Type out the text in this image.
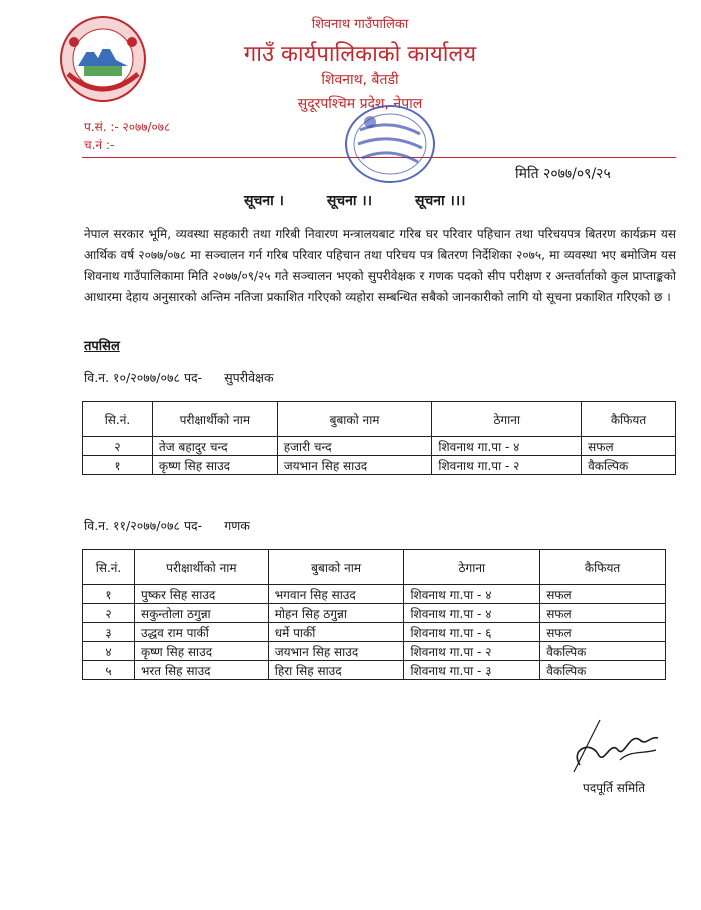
शिवनाथ गाउँपालिका
गाउँ कार्यपालिकाको कार्यालय
शिवनाथ, बैतडी
सुदूरपश्चिम प्रदेश, नेपाल
प.सं. :- २०७७/०७८
च.नं :-
मिति २०७७/०९/२५
सूचना ।	सूचना ।।	सूचना ।।।
नेपाल सरकार भूमि, व्यवस्था सहकारी तथा गरिबी निवारण मन्त्रालयबाट गरिब घर परिवार पहिचान तथा परिचयपत्र बितरण कार्यक्रम यस आर्थिक वर्ष २०७७/०७८ मा सञ्चालन गर्न गरिब परिवार पहिचान तथा परिचय पत्र बितरण निर्देशिका २०७५, मा व्यवस्था भए बमोजिम यस शिवनाथ गाउँपालिकामा मिति २०७७/०९/२५ गते सञ्चालन भएको सुपरीवेक्षक र गणक पदको सीप परीक्षण र अन्तर्वार्ताको कुल प्राप्ताङ्कको आधारमा देहाय अनुसारको अन्तिम नतिजा प्रकाशित गरिएको व्यहोरा सम्बन्धित सबैको जानकारीको लागि यो सूचना प्रकाशित गरिएको छ ।
तपसिल
वि.न. १०/२०७७/०७८ पद- सुपरीवेक्षक
सि.नं.	परीक्षार्थीको नाम	बुबाको नाम	ठेगाना	कैफियत
२	तेज बहादुर चन्द	हजारी चन्द	शिवनाथ गा.पा - ४	सफल
१	कृष्ण सिह साउद	जयभान सिह साउद	शिवनाथ गा.पा - २	वैकल्पिक
वि.न. ११/२०७७/०७८ पद- गणक
सि.नं.	परीक्षार्थीको नाम	बुबाको नाम	ठेगाना	कैफियत
१	पुष्कर सिह साउद	भगवान सिह साउद	शिवनाथ गा.पा - ४	सफल
२	सकुन्तोला ठगुन्ना	मोहन सिह ठगुन्ना	शिवनाथ गा.पा - ४	सफल
३	उद्धव राम पार्की	धर्मे पार्की	शिवनाथ गा.पा - ६	सफल
४	कृष्ण सिह साउद	जयभान सिह साउद	शिवनाथ गा.पा - २	वैकल्पिक
५	भरत सिह साउद	हिरा सिह साउद	शिवनाथ गा.पा - ३	वैकल्पिक
पदपूर्ति समिति
